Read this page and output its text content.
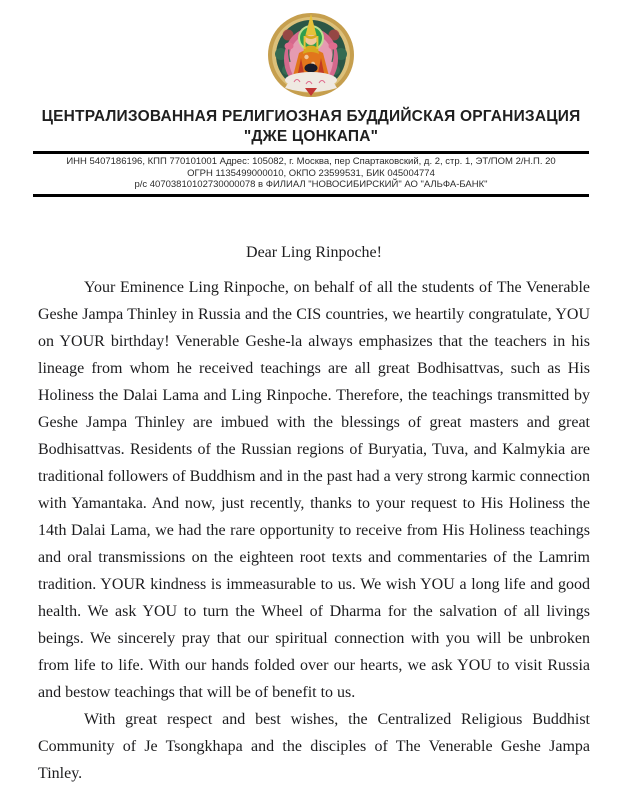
ЦЕНТРАЛИЗОВАННАЯ РЕЛИГИОЗНАЯ БУДДИЙСКАЯ ОРГАНИЗАЦИЯ
"ДЖЕ ЦОНКАПА"
ИНН 5407186196, КПП 770101001 Адрес: 105082, г. Москва, пер Спартаковский, д. 2, стр. 1, ЭТ/ПОМ 2/Н.П. 20
ОГРН 1135499000010, ОКПО 23599531, БИК 045004774
р/с 40703810102730000078 в ФИЛИАЛ "НОВОСИБИРСКИЙ" АО "АЛЬФА-БАНК"
Dear Ling Rinpoche!

Your Eminence Ling Rinpoche, on behalf of all the students of The Venerable Geshe Jampa Thinley in Russia and the CIS countries, we heartily congratulate, YOU on YOUR birthday! Venerable Geshe-la always emphasizes that the teachers in his lineage from whom he received teachings are all great Bodhisattvas, such as His Holiness the Dalai Lama and Ling Rinpoche. Therefore, the teachings transmitted by Geshe Jampa Thinley are imbued with the blessings of great masters and great Bodhisattvas. Residents of the Russian regions of Buryatia, Tuva, and Kalmykia are traditional followers of Buddhism and in the past had a very strong karmic connection with Yamantaka. And now, just recently, thanks to your request to His Holiness the 14th Dalai Lama, we had the rare opportunity to receive from His Holiness teachings and oral transmissions on the eighteen root texts and commentaries of the Lamrim tradition. YOUR kindness is immeasurable to us. We wish YOU a long life and good health. We ask YOU to turn the Wheel of Dharma for the salvation of all livings beings. We sincerely pray that our spiritual connection with you will be unbroken from life to life. With our hands folded over our hearts, we ask YOU to visit Russia and bestow teachings that will be of benefit to us.

With great respect and best wishes, the Centralized Religious Buddhist Community of Je Tsongkhapa and the disciples of The Venerable Geshe Jampa Tinley.
